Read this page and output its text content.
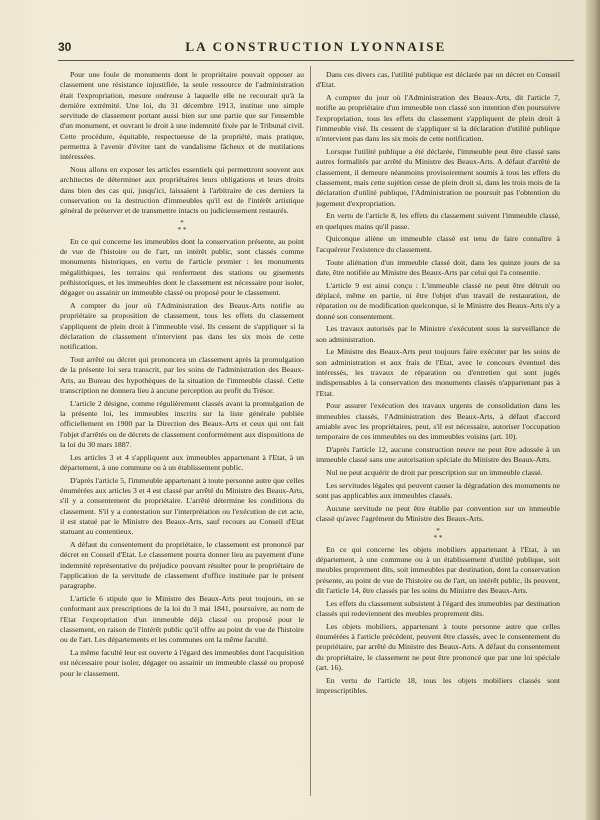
30	LA CONSTRUCTION LYONNAISE

Pour une foule de monuments dont le propriétaire pouvait opposer au classement une résistance injustifiée, la seule ressource de l'administration était l'expropriation, mesure onéreuse à laquelle elle ne recourait qu'à la dernière extrémité. Une loi, du 31 décembre 1913, institue une simple servitude de classement portant aussi bien sur une partie que sur l'ensemble d'un monument, et ouvrant le droit à une indemnité fixée par le Tribunal civil. Cette procédure, équitable, respectueuse de la propriété, mais pratique, permettra à l'avenir d'éviter tant de vandalisme fâcheux et de mutilations intéressées.

Nous allons en exposer les articles essentiels qui permettront souvent aux architectes de déterminer aux propriétaires leurs obligations et leurs droits dans bien des cas qui, jusqu'ici, laissaient à l'arbitraire de ces derniers la conservation ou la destruction d'immeubles qu'il est de l'intérêt artistique général de préserver et de transmettre intacts ou judicieusement restaurés.

*
* *

En ce qui concerne les immeubles dont la conservation présente, au point de vue de l'histoire ou de l'art, un intérêt public, sont classés comme monuments historiques, en vertu de l'article premier : les monuments mégalithiques, les terrains qui renferment des stations ou gisements préhistoriques, et les immeubles dont le classement est nécessaire pour isoler, dégager ou assainir un immeuble classé ou proposé pour le classement.

A compter du jour où l'Administration des Beaux-Arts notifie au propriétaire sa proposition de classement, tous les effets du classement s'appliquent de plein droit à l'immeuble visé. Ils cessent de s'appliquer si la déclaration de classement n'intervient pas dans les six mois de cette notification.

Tout arrêté ou décret qui prononcera un classement après la promulgation de la présente loi sera transcrit, par les soins de l'administration des Beaux-Arts, au Bureau des hypothèques de la situation de l'immeuble classé. Cette transcription ne donnera lieu à aucune perception au profit du Trésor.

L'article 2 désigne, comme régulièrement classés avant la promulgation de la présente loi, les immeubles inscrits sur la liste générale publiée officiellement en 1900 par la Direction des Beaux-Arts et ceux qui ont fait l'objet d'arrêtés ou de décrets de classement conformément aux dispositions de la loi du 30 mars 1887.

Les articles 3 et 4 s'appliquent aux immeubles appartenant à l'Etat, à un département, à une commune ou à un établissement public.

D'après l'article 5, l'immeuble appartenant à toute personne autre que celles énumérées aux articles 3 et 4 est classé par arrêté du Ministre des Beaux-Arts, s'il y a consentement du propriétaire. L'arrêté détermine les conditions du classement. S'il y a contestation sur l'interprétation ou l'exécution de cet acte, il est statué par le Ministre des Beaux-Arts, sauf recours au Conseil d'Etat statuant au contentieux.

A défaut du consentement du propriétaire, le classement est prononcé par décret en Conseil d'Etat. Le classement pourra donner lieu au payement d'une indemnité représentative du préjudice pouvant résulter pour le propriétaire de l'application de la servitude de classement d'office instituée par le présent paragraphe.

L'article 6 stipule que le Ministre des Beaux-Arts peut toujours, en se conformant aux prescriptions de la loi du 3 mai 1841, poursuivre, au nom de l'Etat l'expropriation d'un immeuble déjà classé ou proposé pour le classement, en raison de l'intérêt public qu'il offre au point de vue de l'histoire ou de l'art. Les départements et les communes ont la même faculté.

La même faculté leur est ouverte à l'égard des immeubles dont l'acquisition est nécessaire pour isoler, dégager ou assainir un immeuble classé ou proposé pour le classement.

Dans ces divers cas, l'utilité publique est déclarée par un décret en Conseil d'Etat.

A compter du jour où l'Administration des Beaux-Arts, dit l'article 7, notifie au propriétaire d'un immeuble non classé son intention d'en poursuivre l'expropriation, tous les effets du classement s'appliquent de plein droit à l'immeuble visé. Ils cessent de s'appliquer si la déclaration d'utilité publique n'intervient pas dans les six mois de cette notification.

Lorsque l'utilité publique a été déclarée, l'immeuble peut être classé sans autres formalités par arrêté du Ministre des Beaux-Arts. A défaut d'arrêté de classement, il demeure néanmoins provisoirement soumis à tous les effets du classement, mais cette sujétion cesse de plein droit si, dans les trois mois de la déclaration d'utilité publique, l'Administration ne poursuit pas l'obtention du jugement d'expropriation.

En vertu de l'article 8, les effets du classement suivent l'immeuble classé, en quelques mains qu'il passe.

Quiconque aliène un immeuble classé est tenu de faire connaître à l'acquéreur l'existence du classement.

Toute aliénation d'un immeuble classé doit, dans les quinze jours de sa date, être notifiée au Ministre des Beaux-Arts par celui qui l'a consentie.

L'article 9 est ainsi conçu : L'immeuble classé ne peut être détruit ou déplacé, même en partie, ni être l'objet d'un travail de restauration, de réparation ou de modification quelconque, si le Ministre des Beaux-Arts n'y a donné son consentement.

Les travaux autorisés par le Ministre s'exécutent sous la surveillance de son administration.

Le Ministre des Beaux-Arts peut toujours faire exécuter par les soins de son administration et aux frais de l'Etat, avec le concours éventuel des intéressés, les travaux de réparation ou d'entretien qui sont jugés indispensables à la conservation des monuments classés n'appartenant pas à l'Etat.

Pour assurer l'exécution des travaux urgents de consolidation dans les immeubles classés, l'Administration des Beaux-Arts, à défaut d'accord amiable avec les propriétaires, peut, s'il est nécessaire, autoriser l'occupation temporaire de ces immeubles ou des immeubles voisins (art. 10).

D'après l'article 12, aucune construction neuve ne peut être adossée à un immeuble classé sans une autorisation spéciale du Ministre des Beaux-Arts.

Nul ne peut acquérir de droit par prescription sur un immeuble classé.

Les servitudes légales qui peuvent causer la dégradation des monuments ne sont pas applicables aux immeubles classés.

Aucune servitude ne peut être établie par convention sur un immeuble classé qu'avec l'agrément du Ministre des Beaux-Arts.

*
* *

En ce qui concerne les objets mobiliers appartenant à l'Etat, à un département, à une commune ou à un établissement d'utilité publique, soit meubles proprement dits, soit immeubles par destination, dont la conservation présente, au point de vue de l'histoire ou de l'art, un intérêt public, ils peuvent, dit l'article 14, être classés par les soins du Ministre des Beaux-Arts.

Les effets du classement subsistent à l'égard des immeubles par destination classés qui redeviennent des meubles proprement dits.

Les objets mobiliers, appartenant à toute personne autre que celles énumérées à l'article précédent, peuvent être classés, avec le consentement du propriétaire, par arrêté du Ministre des Beaux-Arts. A défaut du consentement du propriétaire, le classement ne peut être prononcé que par une loi spéciale (art. 16).

En vertu de l'article 18, tous les objets mobiliers classés sont imprescriptibles.
